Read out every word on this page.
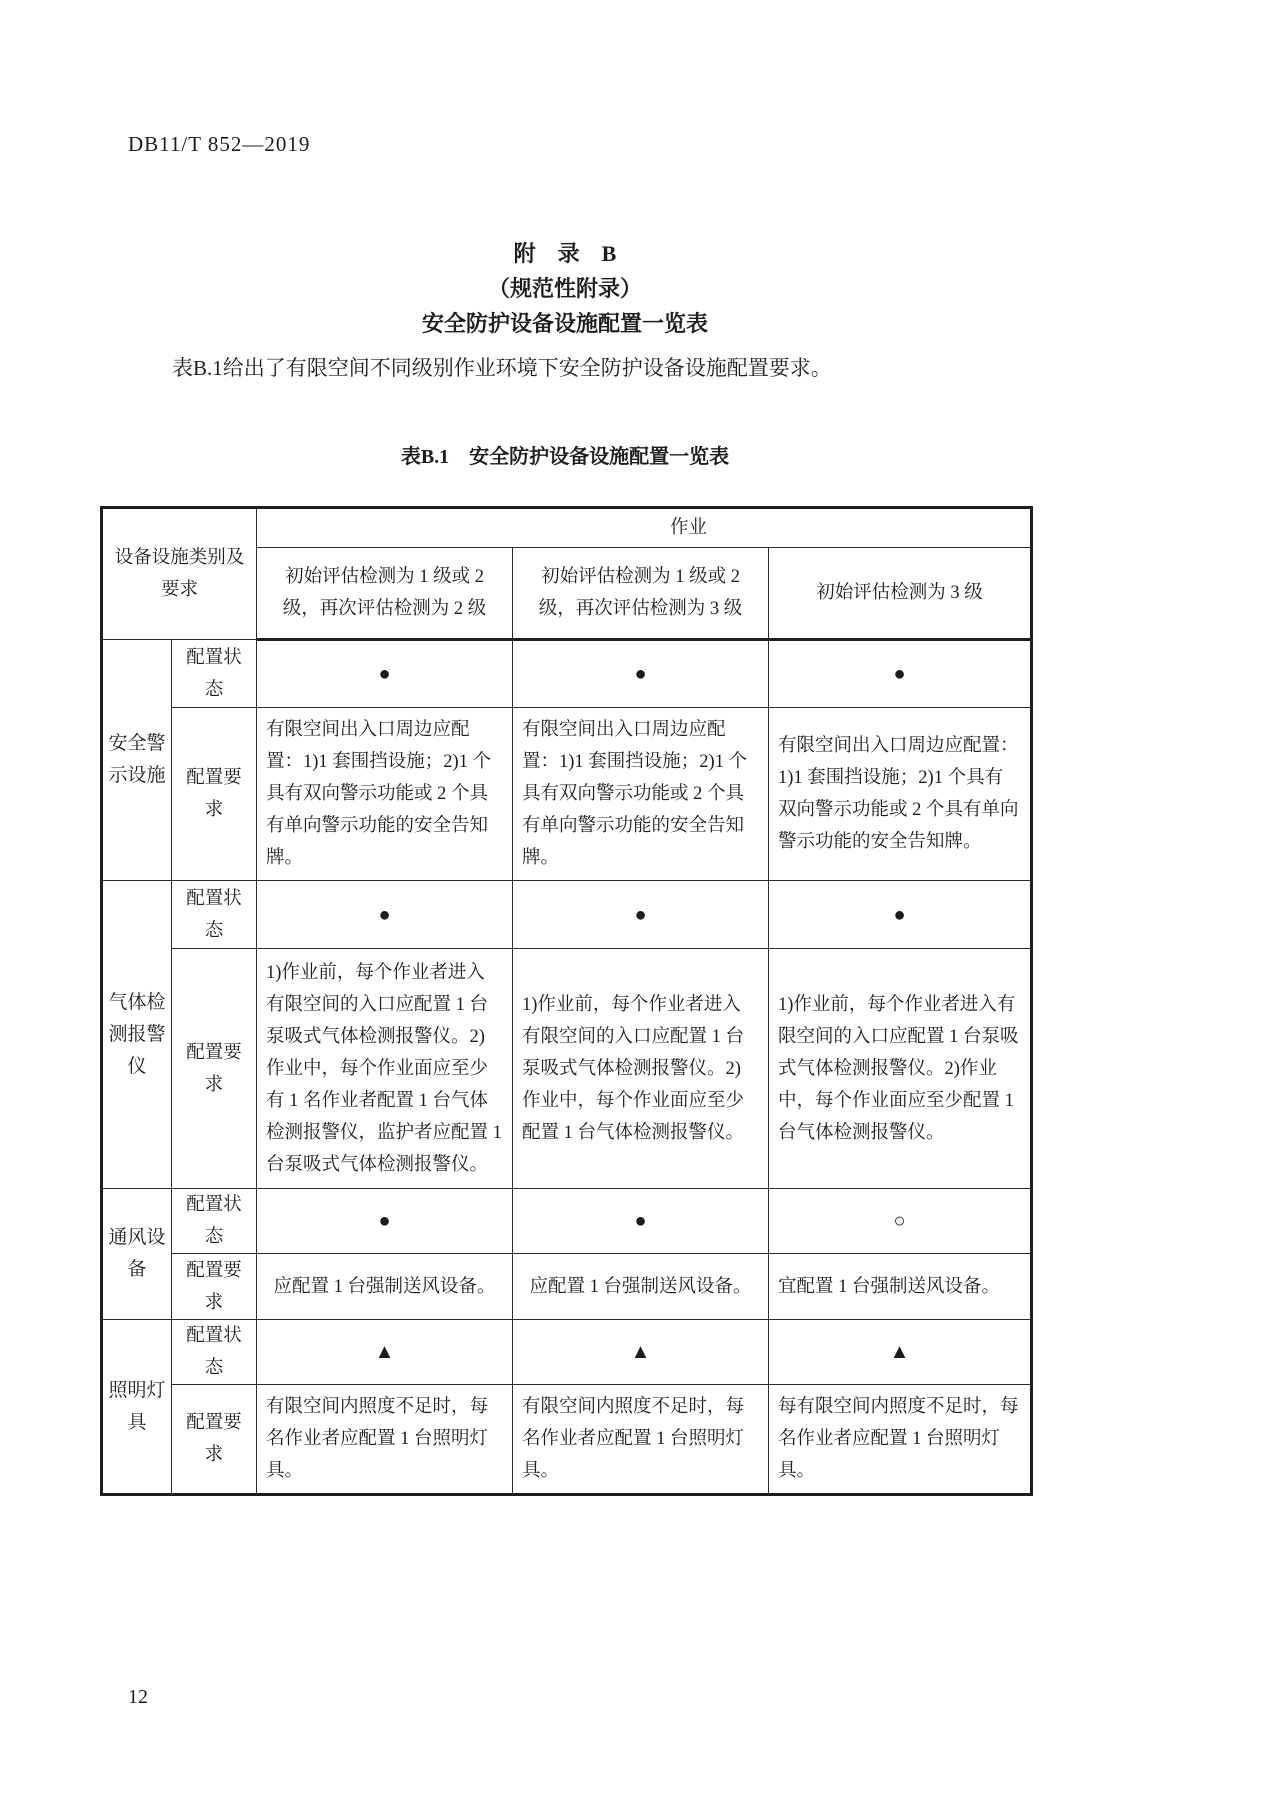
DB11/T 852—2019
附　录　B
（规范性附录）
安全防护设备设施配置一览表

表B.1给出了有限空间不同级别作业环境下安全防护设备设施配置要求。

表B.1　安全防护设备设施配置一览表
设备设施类别及要求		作业		
		初始评估检测为 1 级或 2 级，再次评估检测为 2 级	初始评估检测为 1 级或 2 级，再次评估检测为 3 级	初始评估检测为 3 级
安全警示设施	配置状态	●	●	●
	配置要求	有限空间出入口周边应配置：1)1 套围挡设施；2)1 个具有双向警示功能或 2 个具有单向警示功能的安全告知牌。	有限空间出入口周边应配置：1)1 套围挡设施；2)1 个具有双向警示功能或 2 个具有单向警示功能的安全告知牌。	有限空间出入口周边应配置：1)1 套围挡设施；2)1 个具有双向警示功能或 2 个具有单向警示功能的安全告知牌。
气体检测报警仪	配置状态	●	●	●
	配置要求	1)作业前，每个作业者进入有限空间的入口应配置 1 台泵吸式气体检测报警仪。2)作业中，每个作业面应至少有 1 名作业者配置 1 台气体检测报警仪，监护者应配置 1 台泵吸式气体检测报警仪。	1)作业前，每个作业者进入有限空间的入口应配置 1 台泵吸式气体检测报警仪。2)作业中，每个作业面应至少配置 1 台气体检测报警仪。	1)作业前，每个作业者进入有限空间的入口应配置 1 台泵吸式气体检测报警仪。2)作业中，每个作业面应至少配置 1 台气体检测报警仪。
通风设备	配置状态	●	●	○
	配置要求	应配置 1 台强制送风设备。	应配置 1 台强制送风设备。	宜配置 1 台强制送风设备。
照明灯具	配置状态	▲	▲	▲
	配置要求	有限空间内照度不足时，每名作业者应配置 1 台照明灯具。	有限空间内照度不足时，每名作业者应配置 1 台照明灯具。	每有限空间内照度不足时，每名作业者应配置 1 台照明灯具。
12
